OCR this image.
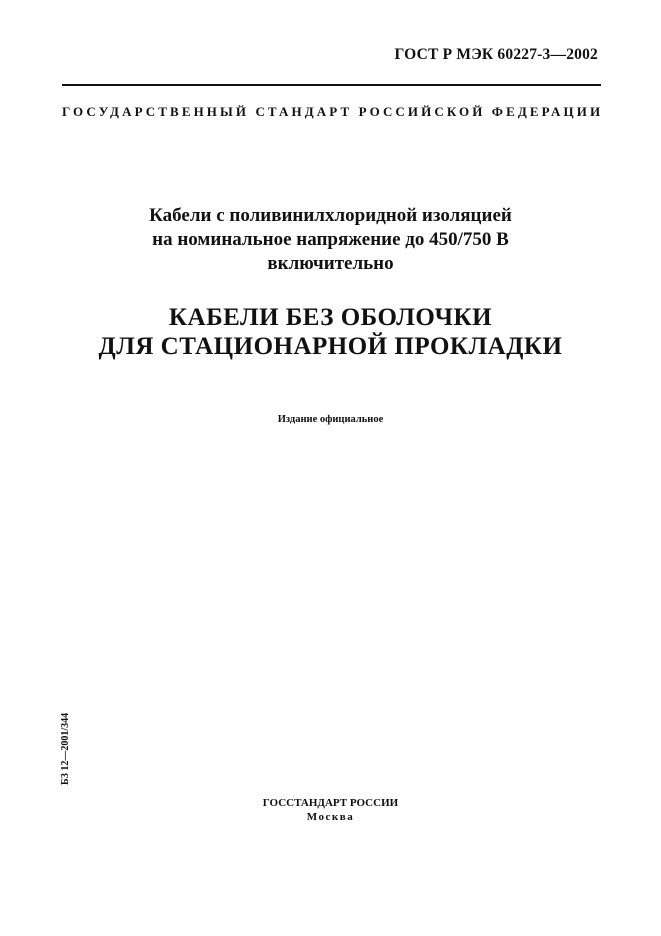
ГОСТ Р МЭК 60227-3—2002
ГОСУДАРСТВЕННЫЙ СТАНДАРТ РОССИЙСКОЙ ФЕДЕРАЦИИ
Кабели с поливинилхлоридной изоляцией
на номинальное напряжение до 450/750 В
включительно
КАБЕЛИ БЕЗ ОБОЛОЧКИ
ДЛЯ СТАЦИОНАРНОЙ ПРОКЛАДКИ
Издание официальное
БЗ 12—2001/344
ГОССТАНДАРТ РОССИИ
Москва
